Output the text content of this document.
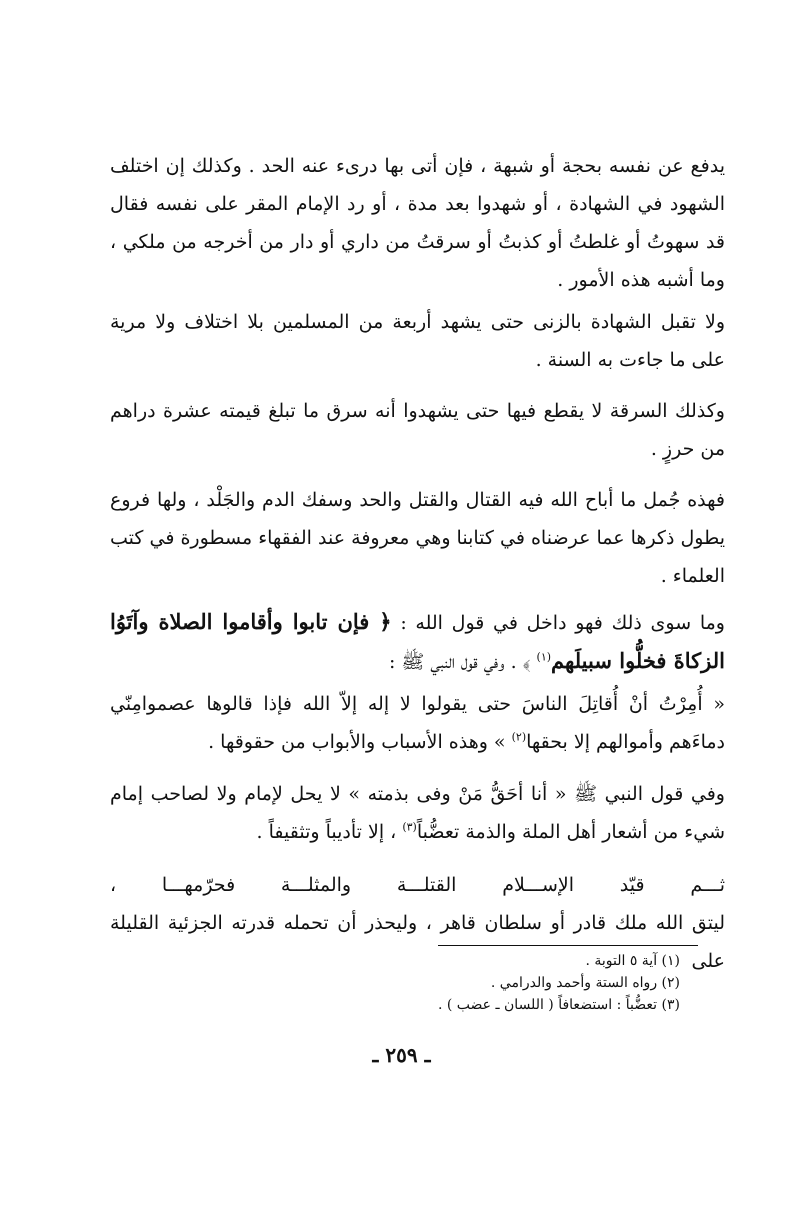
يدفع عن نفسه بحجة أو شبهة ، فإن أتى بها درىء عنه الحد . وكذلك إن اختلف الشهود في الشهادة ، أو شهدوا بعد مدة ، أو رد الإمام المقر على نفسه فقال قد سهوتُ أو غلطتُ أو كذبتُ أو سرقتُ من داري أو دار من أخرجه من ملكي ، وما أشبه هذه الأمور .

ولا تقبل الشهادة بالزنى حتى يشهد أربعة من المسلمين بلا اختلاف ولا مرية على ما جاءت به السنة .

وكذلك السرقة لا يقطع فيها حتى يشهدوا أنه سرق ما تبلغ قيمته عشرة دراهم من حرزٍ .

فهذه جُمل ما أباح الله فيه القتال والقتل والحد وسفك الدم والجَلْد ، ولها فروع يطول ذكرها عما عرضناه في كتابنا وهي معروفة عند الفقهاء مسطورة في كتب العلماء .

وما سوى ذلك فهو داخل في قول الله : ﴿ فإن تابوا وأقاموا الصلاة وآتَوُا الزكاةَ فخلُّوا سبيلَهم$^{(١)}$ ﴾ . وفي قول النبي ﷺ :

« أُمِرْتُ أنْ أُقاتِلَ الناسَ حتى يقولوا لا إله إلاّ الله فإذا قالوها عصموامِنّي دماءَهم وأموالهم إلا بحقها$^{(٢)}$ » وهذه الأسباب والأبواب من حقوقها .

وفي قول النبي ﷺ « أنا أحَقُّ مَنْ وفى بذمته » لا يحل لإمام ولا لصاحب إمام شيء من أشعار أهل الملة والذمة تعضُّباً$^{(٣)}$ ، إلا تأديباً وتثقيفاً .

ثـــم قيّد الإســـلام القتلـــة والمثلـــة فحرّمهـــا ،

ليتق الله ملك قادر أو سلطان قاهر ، وليحذر أن تحمله قدرته الجزئية القليلة على

(١) آية ٥ التوبة .

(٢) رواه الستة وأحمد والدرامي .

(٣) تعضُّباً : استضعافاً ( اللسان ـ عضب ) .

ـ ٢٥٩ ـ
